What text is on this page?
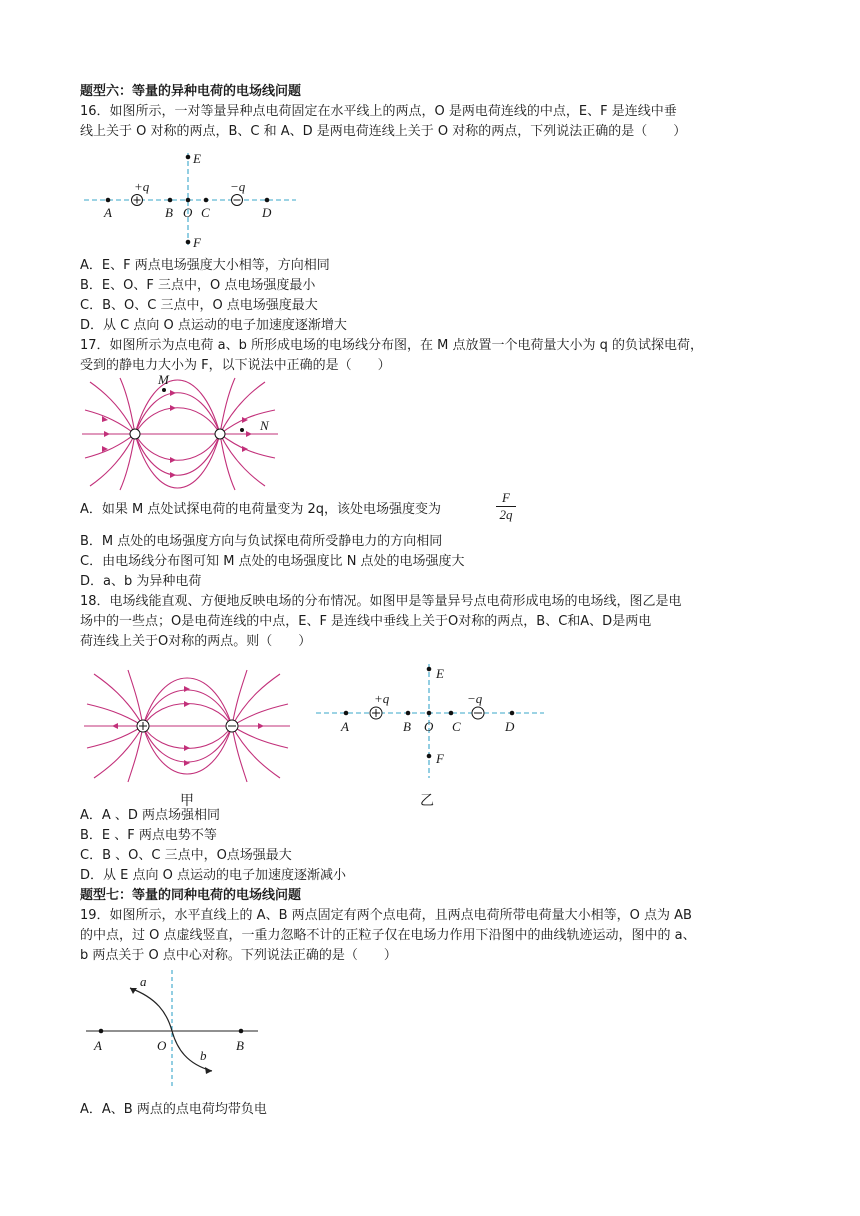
题型六：等量的异种电荷的电场线问题
16．如图所示，一对等量异种点电荷固定在水平线上的两点，O 是两电荷连线的中点，E、F 是连线中垂
线上关于 O 对称的两点，B、C 和 A、D 是两电荷连线上关于 O 对称的两点，下列说法正确的是（　　）
E
F
A	B O C	D
+q	−q
A．E、F 两点电场强度大小相等，方向相同
B．E、O、F 三点中，O 点电场强度最小
C．B、O、C 三点中，O 点电场强度最大
D．从 C 点向 O 点运动的电子加速度逐渐增大
17．如图所示为点电荷 a、b 所形成电场的电场线分布图，在 M 点放置一个电荷量大小为 q 的负试探电荷，
受到的静电力大小为 F，以下说法中正确的是（　　）
M
N
A．如果 M 点处试探电荷的电荷量变为 2q，该处电场强度变为	$\frac{F}{2q}$
B．M 点处的电场强度方向与负试探电荷所受静电力的方向相同
C．由电场线分布图可知 M 点处的电场强度比 N 点处的电场强度大
D．a、b 为异种电荷
18．电场线能直观、方便地反映电场的分布情况。如图甲是等量异号点电荷形成电场的电场线，图乙是电
场中的一些点；O是电荷连线的中点，E、F 是连线中垂线上关于O对称的两点，B、C和A、D是两电
荷连线上关于O对称的两点。则（　　）
甲
E
F
A	B O C	D
+q	−q
乙
A．A 、D 两点场强相同
B．E 、F 两点电势不等
C．B 、O、C 三点中，O点场强最大
D．从 E 点向 O 点运动的电子加速度逐渐减小
题型七：等量的同种电荷的电场线问题
19．如图所示，水平直线上的 A、B 两点固定有两个点电荷，且两点电荷所带电荷量大小相等，O 点为 AB
的中点，过 O 点虚线竖直，一重力忽略不计的正粒子仅在电场力作用下沿图中的曲线轨迹运动，图中的 a、
b 两点关于 O 点中心对称。下列说法正确的是（　　）
a
b
A	O	B
A．A、B 两点的点电荷均带负电
